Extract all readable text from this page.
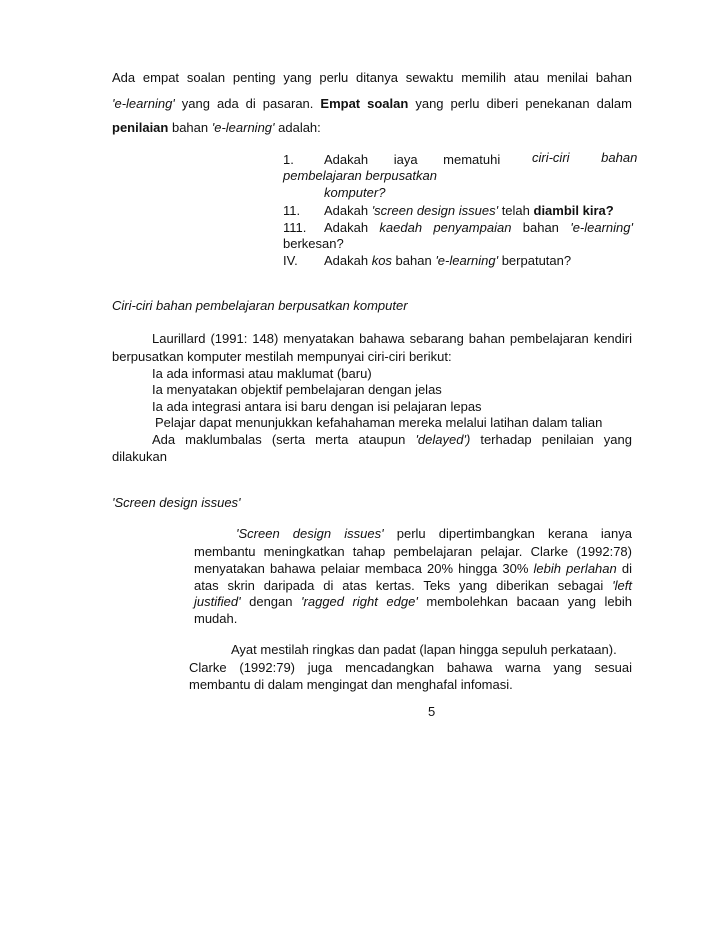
Ada empat soalan penting yang perlu ditanya sewaktu memilih atau menilai bahan
'e-learning' yang ada di pasaran. Empat soalan yang perlu diberi penekanan dalam
penilaian bahan 'e-learning' adalah:
1. Adakah iaya mematuhi ciri-ciri bahan
pembelajaran berpusatkan
komputer?
11. Adakah 'screen design issues' telah diambil kira?
111. Adakah kaedah penyampaian bahan 'e-learning'
berkesan?
IV. Adakah kos bahan 'e-learning' berpatutan?
Ciri-ciri bahan pembelajaran berpusatkan komputer
Laurillard (1991: 148) menyatakan bahawa sebarang bahan pembelajaran kendiri
berpusatkan komputer mestilah mempunyai ciri-ciri berikut:
Ia ada informasi atau maklumat (baru)
Ia menyatakan objektif pembelajaran dengan jelas
Ia ada integrasi antara isi baru dengan isi pelajaran lepas
Pelajar dapat menunjukkan kefahahaman mereka melalui latihan dalam talian
Ada maklumbalas (serta merta ataupun 'delayed') terhadap penilaian yang
dilakukan
'Screen design issues'
'Screen design issues' perlu dipertimbangkan kerana ianya
membantu meningkatkan tahap pembelajaran pelajar. Clarke (1992:78)
menyatakan bahawa pelaiar membaca 20% hingga 30% lebih perlahan di
atas skrin daripada di atas kertas. Teks yang diberikan sebagai 'left
justified' dengan 'ragged right edge' membolehkan bacaan yang lebih
mudah.
Ayat mestilah ringkas dan padat (lapan hingga sepuluh perkataan).
Clarke (1992:79) juga mencadangkan bahawa warna yang sesuai
membantu di dalam mengingat dan menghafal infomasi.
5
